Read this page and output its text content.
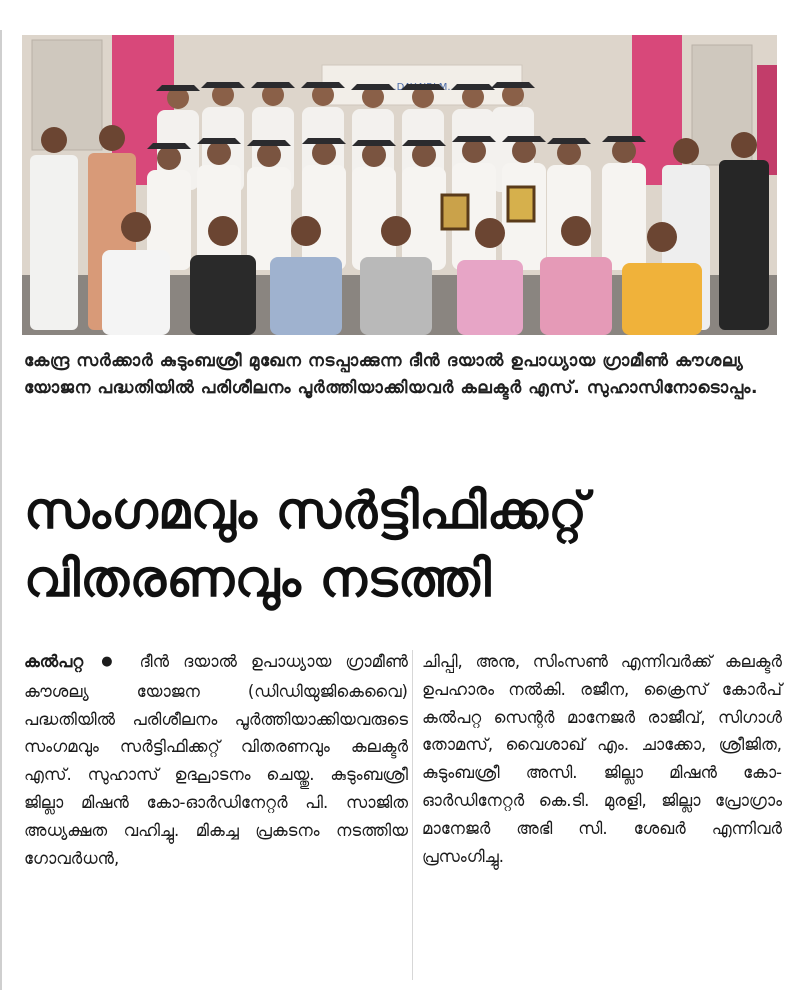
കേന്ദ്ര സർക്കാർ കുടുംബശ്രീ മുഖേന നടപ്പാക്കുന്ന ദീൻ ദയാൽ ഉപാധ്യായ ഗ്രാമീൺ കൗശല്യ യോജന പദ്ധതിയിൽ പരിശീലനം പൂർത്തിയാക്കിയവർ കലക്ടർ എസ്. സുഹാസിനോടൊപ്പം.
സംഗമവും സർട്ടിഫിക്കറ്റ്
വിതരണവും നടത്തി

കൽപറ്റ ● ദീൻ ദയാൽ ഉപാധ്യായ ഗ്രാമീൺ കൗശല്യ യോജന (ഡിഡിയുജികെവൈ) പദ്ധതിയിൽ പരിശീലനം പൂർത്തിയാക്കിയവരുടെ സംഗമവും സർട്ടിഫിക്കറ്റ് വിതരണവും കലക്ടർ എസ്. സുഹാസ് ഉദ്ഘാടനം ചെയ്തു. കുടുംബശ്രീ ജില്ലാ മിഷൻ കോ-ഓർഡിനേറ്റർ പി. സാജിത അധ്യക്ഷത വഹിച്ചു. മികച്ച പ്രകടനം നടത്തിയ ഗോവർധൻ,

ചിപ്പി, അനു, സിംസൺ എന്നിവർക്ക് കലക്ടർ ഉപഹാരം നൽകി. രജീന, ക്രൈസ് കോർപ് കൽപറ്റ സെന്റർ മാനേജർ രാജീവ്, സിഗാൾ തോമസ്, വൈശാഖ് എം. ചാക്കോ, ശ്രീജിത, കുടുംബശ്രീ അസി. ജില്ലാ മിഷൻ കോ-ഓർഡിനേറ്റർ കെ.ടി. മുരളി, ജില്ലാ പ്രോഗ്രാം മാനേജർ അഭി സി. ശേഖർ എന്നിവർ പ്രസംഗിച്ചു.
